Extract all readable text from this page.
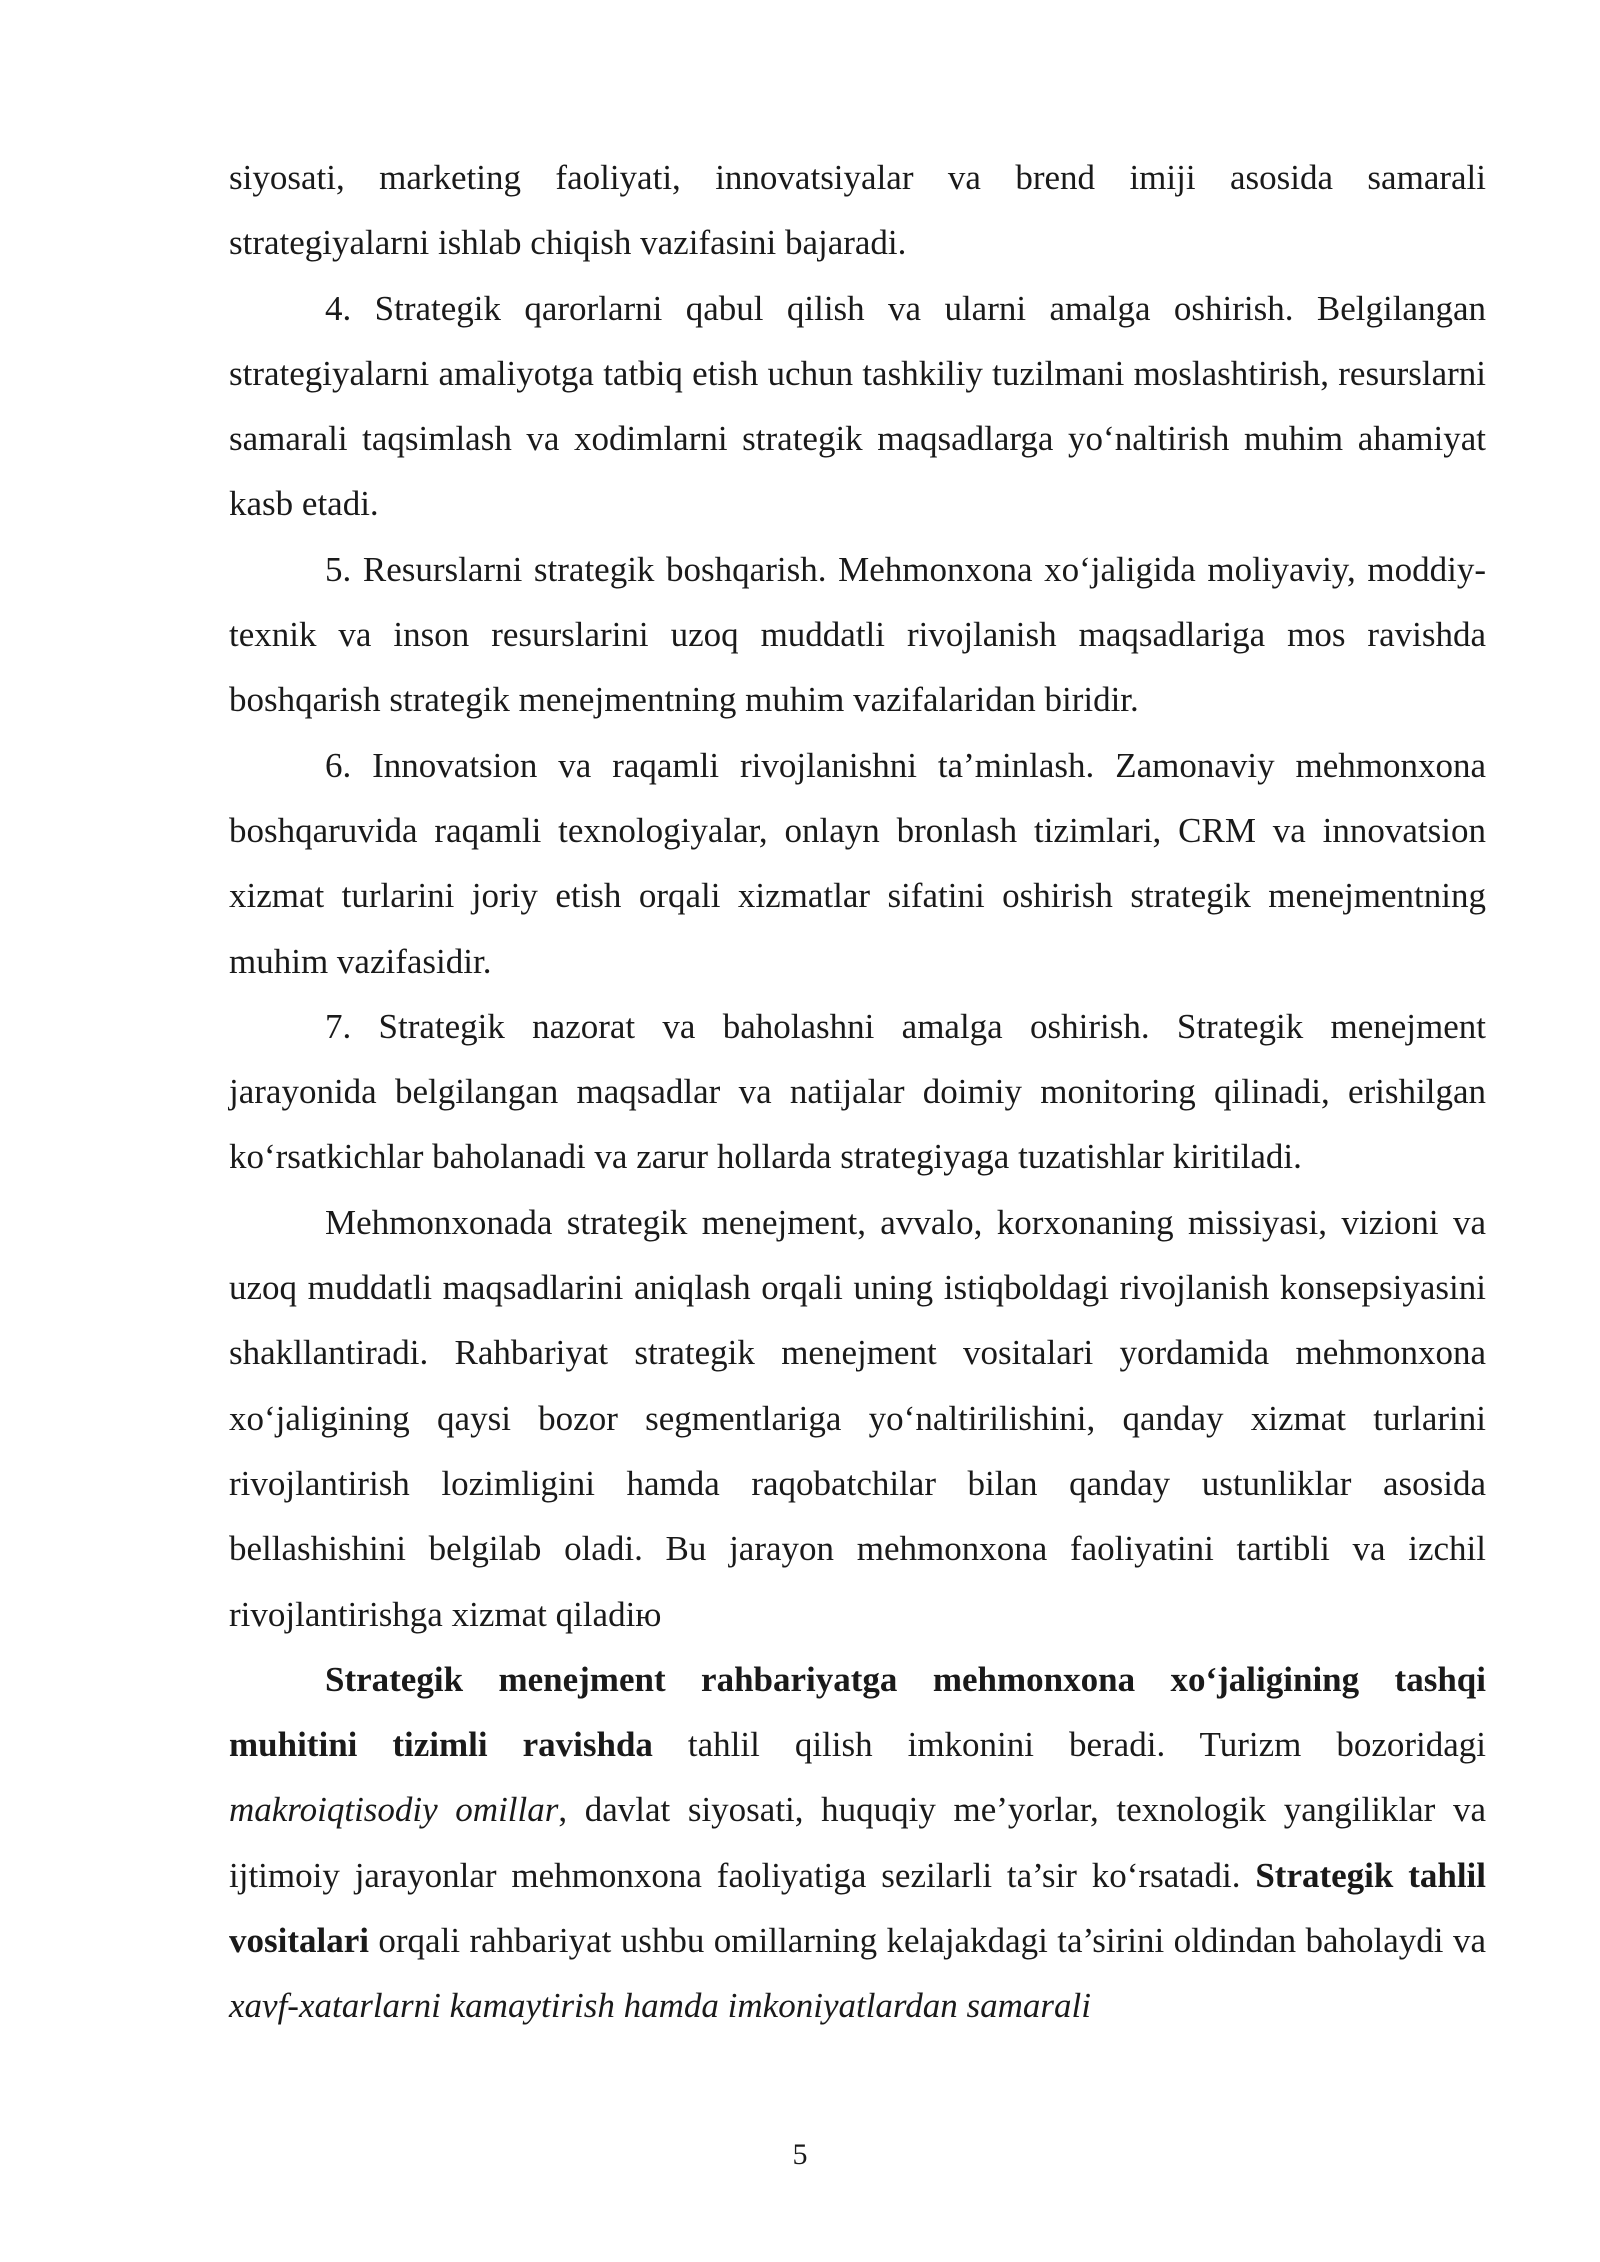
siyosati, marketing faoliyati, innovatsiyalar va brend imiji asosida samarali strategiyalarni ishlab chiqish vazifasini bajaradi.

4. Strategik qarorlarni qabul qilish va ularni amalga oshirish. Belgilangan strategiyalarni amaliyotga tatbiq etish uchun tashkiliy tuzilmani moslashtirish, resurslarni samarali taqsimlash va xodimlarni strategik maqsadlarga yo‘naltirish muhim ahamiyat kasb etadi.

5. Resurslarni strategik boshqarish. Mehmonxona xo‘jaligida moliyaviy, moddiy-texnik va inson resurslarini uzoq muddatli rivojlanish maqsadlariga mos ravishda boshqarish strategik menejmentning muhim vazifalaridan biridir.

6. Innovatsion va raqamli rivojlanishni ta’minlash. Zamonaviy mehmonxona boshqaruvida raqamli texnologiyalar, onlayn bronlash tizimlari, CRM va innovatsion xizmat turlarini joriy etish orqali xizmatlar sifatini oshirish strategik menejmentning muhim vazifasidir.

7. Strategik nazorat va baholashni amalga oshirish. Strategik menejment jarayonida belgilangan maqsadlar va natijalar doimiy monitoring qilinadi, erishilgan ko‘rsatkichlar baholanadi va zarur hollarda strategiyaga tuzatishlar kiritiladi.

Mehmonxonada strategik menejment, avvalo, korxonaning missiyasi, vizioni va uzoq muddatli maqsadlarini aniqlash orqali uning istiqboldagi rivojlanish konsepsiyasini shakllantiradi. Rahbariyat strategik menejment vositalari yordamida mehmonxona xo‘jaligining qaysi bozor segmentlariga yo‘naltirilishini, qanday xizmat turlarini rivojlantirish lozimligini hamda raqobatchilar bilan qanday ustunliklar asosida bellashishini belgilab oladi. Bu jarayon mehmonxona faoliyatini tartibli va izchil rivojlantirishga xizmat qiladiю

Strategik menejment rahbariyatga mehmonxona xo‘jaligining tashqi muhitini tizimli ravishda tahlil qilish imkonini beradi. Turizm bozoridagi makroiqtisodiy omillar, davlat siyosati, huquqiy me’yorlar, texnologik yangiliklar va ijtimoiy jarayonlar mehmonxona faoliyatiga sezilarli ta’sir ko‘rsatadi. Strategik tahlil vositalari orqali rahbariyat ushbu omillarning kelajakdagi ta’sirini oldindan baholaydi va xavf-xatarlarni kamaytirish hamda imkoniyatlardan samarali

5
